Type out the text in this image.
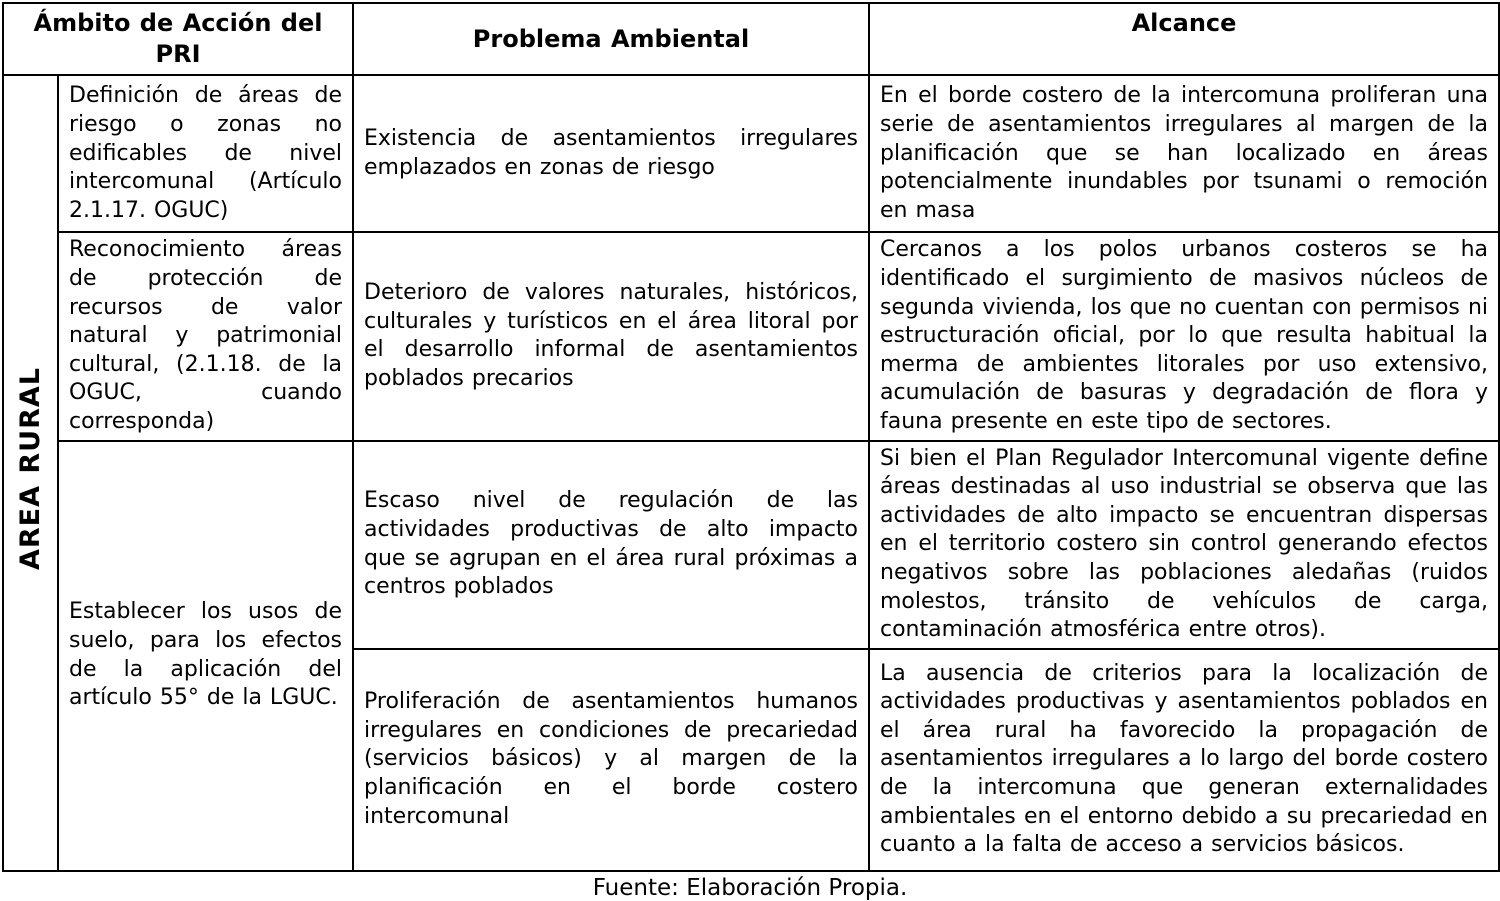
Ámbito de Acción del PRI		Problema Ambiental	Alcance
AREA RURAL	Definición de áreas de riesgo o zonas no edificables de nivel intercomunal (Artículo 2.1.17. OGUC)	Existencia de asentamientos irregulares emplazados en zonas de riesgo	En el borde costero de la intercomuna proliferan una serie de asentamientos irregulares al margen de la planificación que se han localizado en áreas potencialmente inundables por tsunami o remoción en masa
	Reconocimiento áreas de protección de recursos de valor natural y patrimonial cultural, (2.1.18. de la OGUC, cuando corresponda)	Deterioro de valores naturales, históricos, culturales y turísticos en el área litoral por el desarrollo informal de asentamientos poblados precarios	Cercanos a los polos urbanos costeros se ha identificado el surgimiento de masivos núcleos de segunda vivienda, los que no cuentan con permisos ni estructuración oficial, por lo que resulta habitual la merma de ambientes litorales por uso extensivo, acumulación de basuras y degradación de flora y fauna presente en este tipo de sectores.
	Establecer los usos de suelo, para los efectos de la aplicación del artículo 55° de la LGUC.	Escaso nivel de regulación de las actividades productivas de alto impacto que se agrupan en el área rural próximas a centros poblados	Si bien el Plan Regulador Intercomunal vigente define áreas destinadas al uso industrial se observa que las actividades de alto impacto se encuentran dispersas en el territorio costero sin control generando efectos negativos sobre las poblaciones aledañas (ruidos molestos, tránsito de vehículos de carga, contaminación atmosférica entre otros).
		Proliferación de asentamientos humanos irregulares en condiciones de precariedad (servicios básicos) y al margen de la planificación en el borde costero intercomunal	La ausencia de criterios para la localización de actividades productivas y asentamientos poblados en el área rural ha favorecido la propagación de asentamientos irregulares a lo largo del borde costero de la intercomuna que generan externalidades ambientales en el entorno debido a su precariedad en cuanto a la falta de acceso a servicios básicos.
Fuente: Elaboración Propia.
